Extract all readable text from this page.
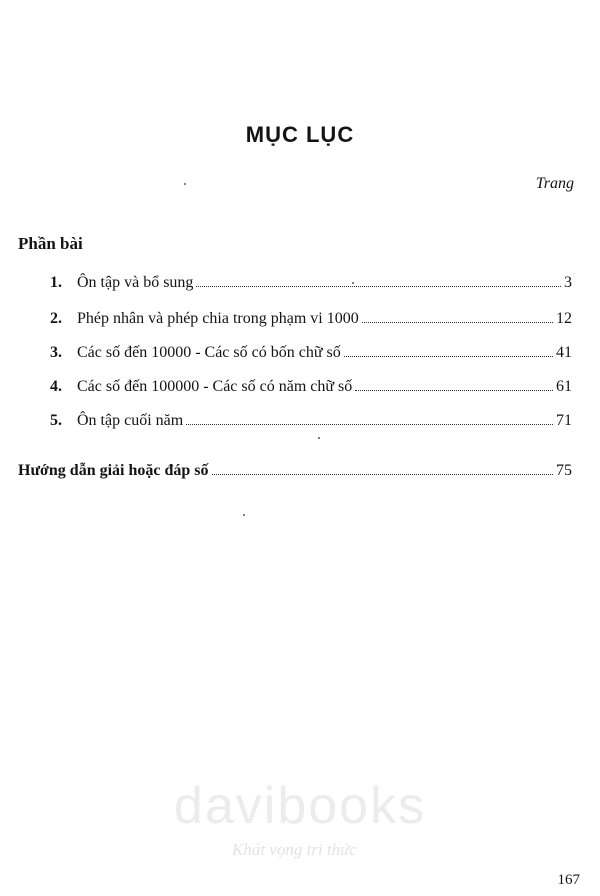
MỤC LỤC
Trang
Phần bài
1. Ôn tập và bổ sung	3
2. Phép nhân và phép chia trong phạm vi 1000	12
3. Các số đến 10000 - Các số có bốn chữ số	41
4. Các số đến 100000 - Các số có năm chữ số	61
5. Ôn tập cuối năm	71
Hướng dẫn giải hoặc đáp số	75
davibooks
Khát vọng tri thức
167
